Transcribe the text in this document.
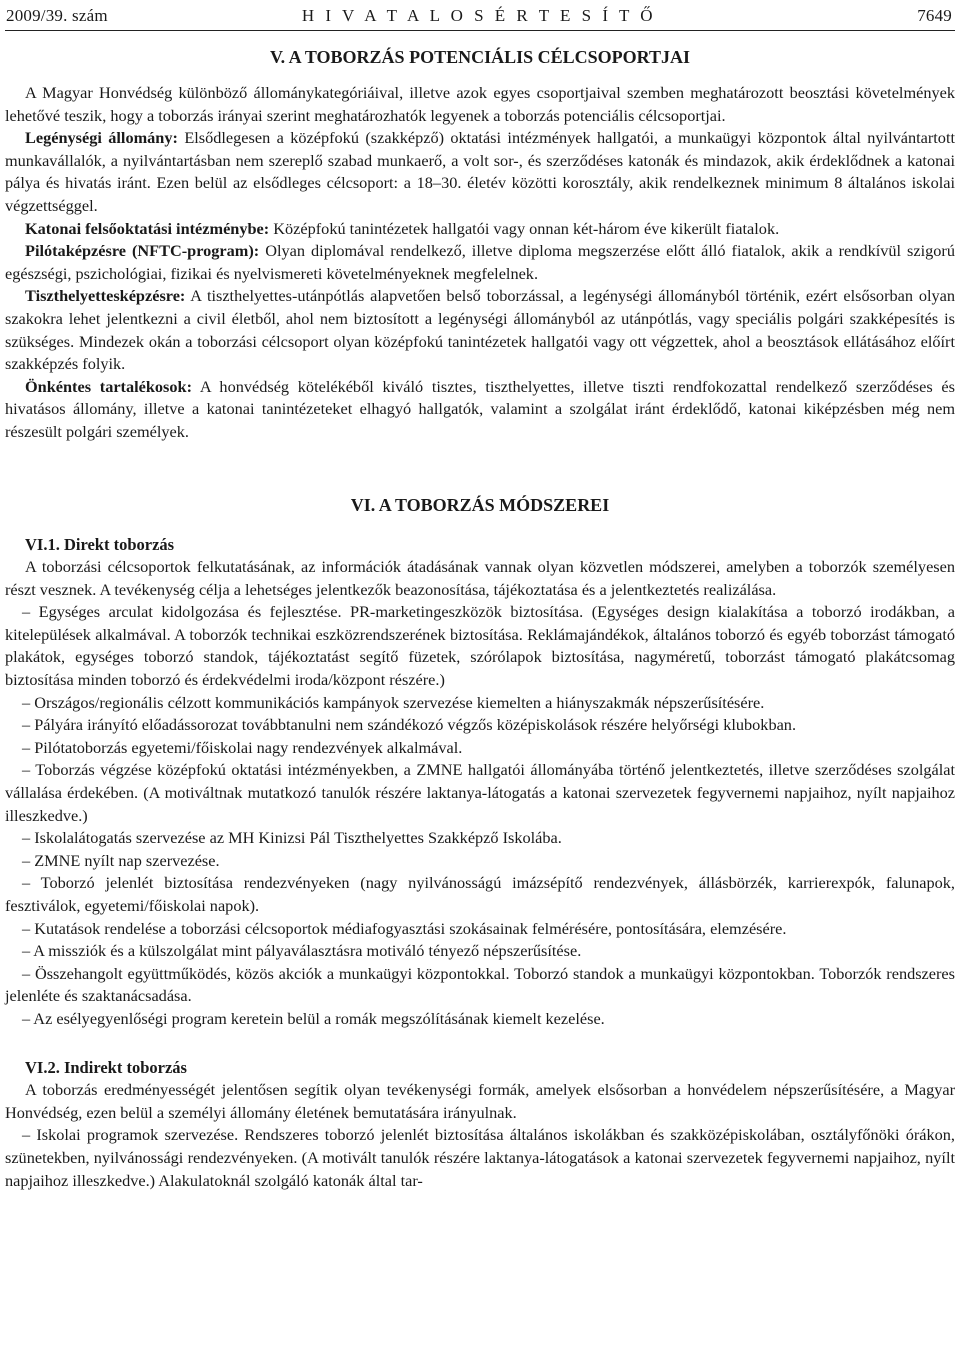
2009/39. szám	H I V A T A L O S É R T E S Í T Ő	7649
V. A TOBORZÁS POTENCIÁLIS CÉLCSOPORTJAI

A Magyar Honvédség különböző állománykategóriáival, illetve azok egyes csoportjaival szemben meghatározott beosztási követelmények lehetővé teszik, hogy a toborzás irányai szerint meghatározhatók legyenek a toborzás potenciális célcsoportjai.

Legénységi állomány: Elsődlegesen a középfokú (szakképző) oktatási intézmények hallgatói, a munkaügyi központok által nyilvántartott munkavállalók, a nyilvántartásban nem szereplő szabad munkaerő, a volt sor-, és szerződéses katonák és mindazok, akik érdeklődnek a katonai pálya és hivatás iránt. Ezen belül az elsődleges célcsoport: a 18–30. életév közötti korosztály, akik rendelkeznek minimum 8 általános iskolai végzettséggel.

Katonai felsőoktatási intézménybe: Középfokú tanintézetek hallgatói vagy onnan két-három éve kikerült fiatalok.

Pilótaképzésre (NFTC-program): Olyan diplomával rendelkező, illetve diploma megszerzése előtt álló fiatalok, akik a rendkívül szigorú egészségi, pszichológiai, fizikai és nyelvismereti követelményeknek megfelelnek.

Tiszthelyettesképzésre: A tiszthelyettes-utánpótlás alapvetően belső toborzással, a legénységi állományból történik, ezért elsősorban olyan szakokra lehet jelentkezni a civil életből, ahol nem biztosított a legénységi állományból az utánpótlás, vagy speciális polgári szakképesítés is szükséges. Mindezek okán a toborzási célcsoport olyan középfokú tanintézetek hallgatói vagy ott végzettek, ahol a beosztások ellátásához előírt szakképzés folyik.

Önkéntes tartalékosok: A honvédség kötelékéből kiváló tisztes, tiszthelyettes, illetve tiszti rendfokozattal rendelkező szerződéses és hivatásos állomány, illetve a katonai tanintézeteket elhagyó hallgatók, valamint a szolgálat iránt érdeklődő, katonai kiképzésben még nem részesült polgári személyek.

VI. A TOBORZÁS MÓDSZEREI
VI.1. Direkt toborzás

A toborzási célcsoportok felkutatásának, az információk átadásának vannak olyan közvetlen módszerei, amelyben a toborzók személyesen részt vesznek. A tevékenység célja a lehetséges jelentkezők beazonosítása, tájékoztatása és a jelentkeztetés realizálása.

– Egységes arculat kidolgozása és fejlesztése. PR-marketingeszközök biztosítása. (Egységes design kialakítása a toborzó irodákban, a kitelepülések alkalmával. A toborzók technikai eszközrendszerének biztosítása. Reklámajándékok, általános toborzó és egyéb toborzást támogató plakátok, egységes toborzó standok, tájékoztatást segítő füzetek, szórólapok biztosítása, nagyméretű, toborzást támogató plakátcsomag biztosítása minden toborzó és érdekvédelmi iroda/központ részére.)

– Országos/regionális célzott kommunikációs kampányok szervezése kiemelten a hiányszakmák népszerűsítésére.

– Pályára irányító előadássorozat továbbtanulni nem szándékozó végzős középiskolások részére helyőrségi klubokban.

– Pilótatoborzás egyetemi/főiskolai nagy rendezvények alkalmával.

– Toborzás végzése középfokú oktatási intézményekben, a ZMNE hallgatói állományába történő jelentkeztetés, illetve szerződéses szolgálat vállalása érdekében. (A motiváltnak mutatkozó tanulók részére laktanya-látogatás a katonai szervezetek fegyvernemi napjaihoz, nyílt napjaihoz illeszkedve.)

– Iskolalátogatás szervezése az MH Kinizsi Pál Tiszthelyettes Szakképző Iskolába.

– ZMNE nyílt nap szervezése.

– Toborzó jelenlét biztosítása rendezvényeken (nagy nyilvánosságú imázsépítő rendezvények, állásbörzék, karrierexpók, falunapok, fesztiválok, egyetemi/főiskolai napok).

– Kutatások rendelése a toborzási célcsoportok médiafogyasztási szokásainak felmérésére, pontosítására, elemzésére.

– A missziók és a külszolgálat mint pályaválasztásra motiváló tényező népszerűsítése.

– Összehangolt együttműködés, közös akciók a munkaügyi központokkal. Toborzó standok a munkaügyi központokban. Toborzók rendszeres jelenléte és szaktanácsadása.

– Az esélyegyenlőségi program keretein belül a romák megszólításának kiemelt kezelése.

VI.2. Indirekt toborzás

A toborzás eredményességét jelentősen segítik olyan tevékenységi formák, amelyek elsősorban a honvédelem népszerűsítésére, a Magyar Honvédség, ezen belül a személyi állomány életének bemutatására irányulnak.

– Iskolai programok szervezése. Rendszeres toborzó jelenlét biztosítása általános iskolákban és szakközépiskolában, osztályfőnöki órákon, szünetekben, nyilvánossági rendezvényeken. (A motivált tanulók részére laktanya-látogatások a katonai szervezetek fegyvernemi napjaihoz, nyílt napjaihoz illeszkedve.) Alakulatoknál szolgáló katonák által tar-
